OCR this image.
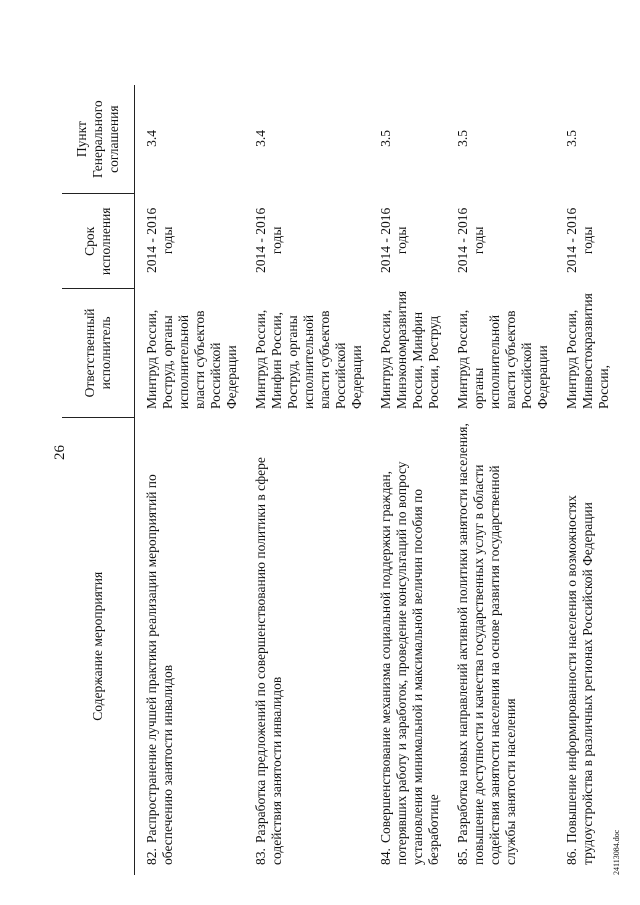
26
Содержание мероприятия	Ответственный исполнитель	Срок исполнения	Пункт Генерального соглашения
82.Распространение лучшей практики реализации мероприятий по обеспечению занятости инвалидов	Минтруд России, Роструд, органы исполнительной власти субъектов Российской Федерации	2014 - 2016 годы	3.4
83.Разработка предложений по совершенствованию политики в сфере содействия занятости инвалидов	Минтруд России, Минфин России, Роструд, органы исполнительной власти субъектов Российской Федерации	2014 - 2016 годы	3.4
84.Совершенствование механизма социальной поддержки граждан, потерявших работу и заработок, проведение консультаций по вопросу установления минимальной и максимальной величин пособия по безработице	Минтруд России, Минэкономразвития России, Минфин России, Роструд	2014 - 2016 годы	3.5
85.Разработка новых направлений активной политики занятости населения, повышение доступности и качества государственных услуг в области содействия занятости населения на основе развития государственной службы занятости населения	Минтруд России, органы исполнительной власти субъектов Российской Федерации	2014 - 2016 годы	3.5
86.Повышение информированности населения о возможностях трудоустройства в различных регионах Российской Федерации	Минтруд России, Минвостокразвития России,	2014 - 2016 годы	3.5
24113084.doc
